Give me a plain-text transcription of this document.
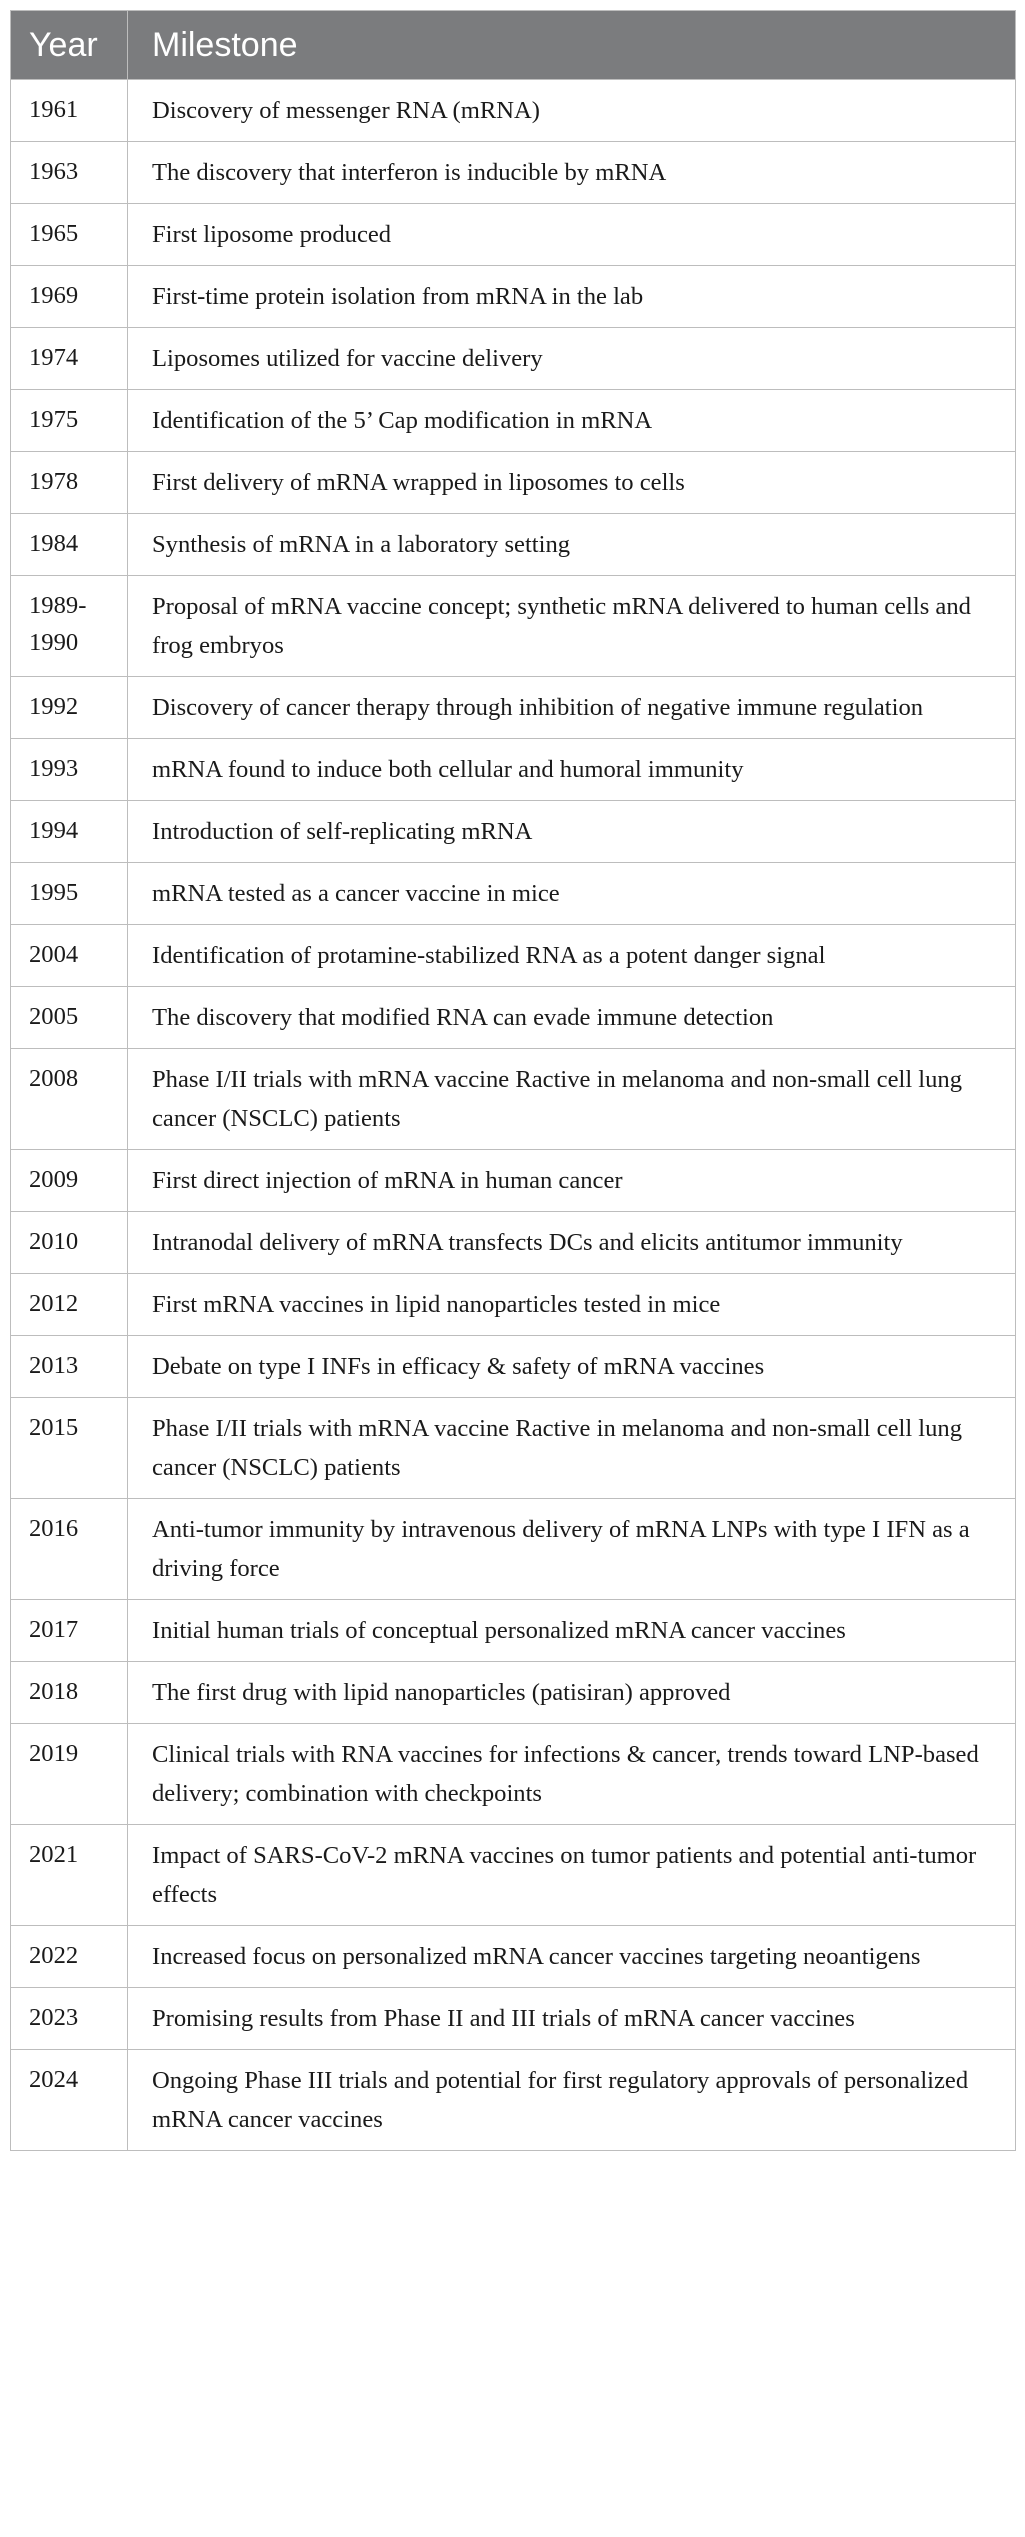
Year	Milestone
1961	Discovery of messenger RNA (mRNA)
1963	The discovery that interferon is inducible by mRNA
1965	First liposome produced
1969	First-time protein isolation from mRNA in the lab
1974	Liposomes utilized for vaccine delivery
1975	Identification of the 5’ Cap modification in mRNA
1978	First delivery of mRNA wrapped in liposomes to cells
1984	Synthesis of mRNA in a laboratory setting
1989-1990	Proposal of mRNA vaccine concept; synthetic mRNA delivered to human cells and frog embryos
1992	Discovery of cancer therapy through inhibition of negative immune regulation
1993	mRNA found to induce both cellular and humoral immunity
1994	Introduction of self-replicating mRNA
1995	mRNA tested as a cancer vaccine in mice
2004	Identification of protamine-stabilized RNA as a potent danger signal
2005	The discovery that modified RNA can evade immune detection
2008	Phase I/II trials with mRNA vaccine Ractive in melanoma and non-small cell lung cancer (NSCLC) patients
2009	First direct injection of mRNA in human cancer
2010	Intranodal delivery of mRNA transfects DCs and elicits antitumor immunity
2012	First mRNA vaccines in lipid nanoparticles tested in mice
2013	Debate on type I INFs in efficacy & safety of mRNA vaccines
2015	Phase I/II trials with mRNA vaccine Ractive in melanoma and non-small cell lung cancer (NSCLC) patients
2016	Anti-tumor immunity by intravenous delivery of mRNA LNPs with type I IFN as a driving force
2017	Initial human trials of conceptual personalized mRNA cancer vaccines
2018	The first drug with lipid nanoparticles (patisiran) approved
2019	Clinical trials with RNA vaccines for infections & cancer, trends toward LNP-based delivery; combination with checkpoints
2021	Impact of SARS-CoV-2 mRNA vaccines on tumor patients and potential anti-tumor effects
2022	Increased focus on personalized mRNA cancer vaccines targeting neoantigens
2023	Promising results from Phase II and III trials of mRNA cancer vaccines
2024	Ongoing Phase III trials and potential for first regulatory approvals of personalized mRNA cancer vaccines
